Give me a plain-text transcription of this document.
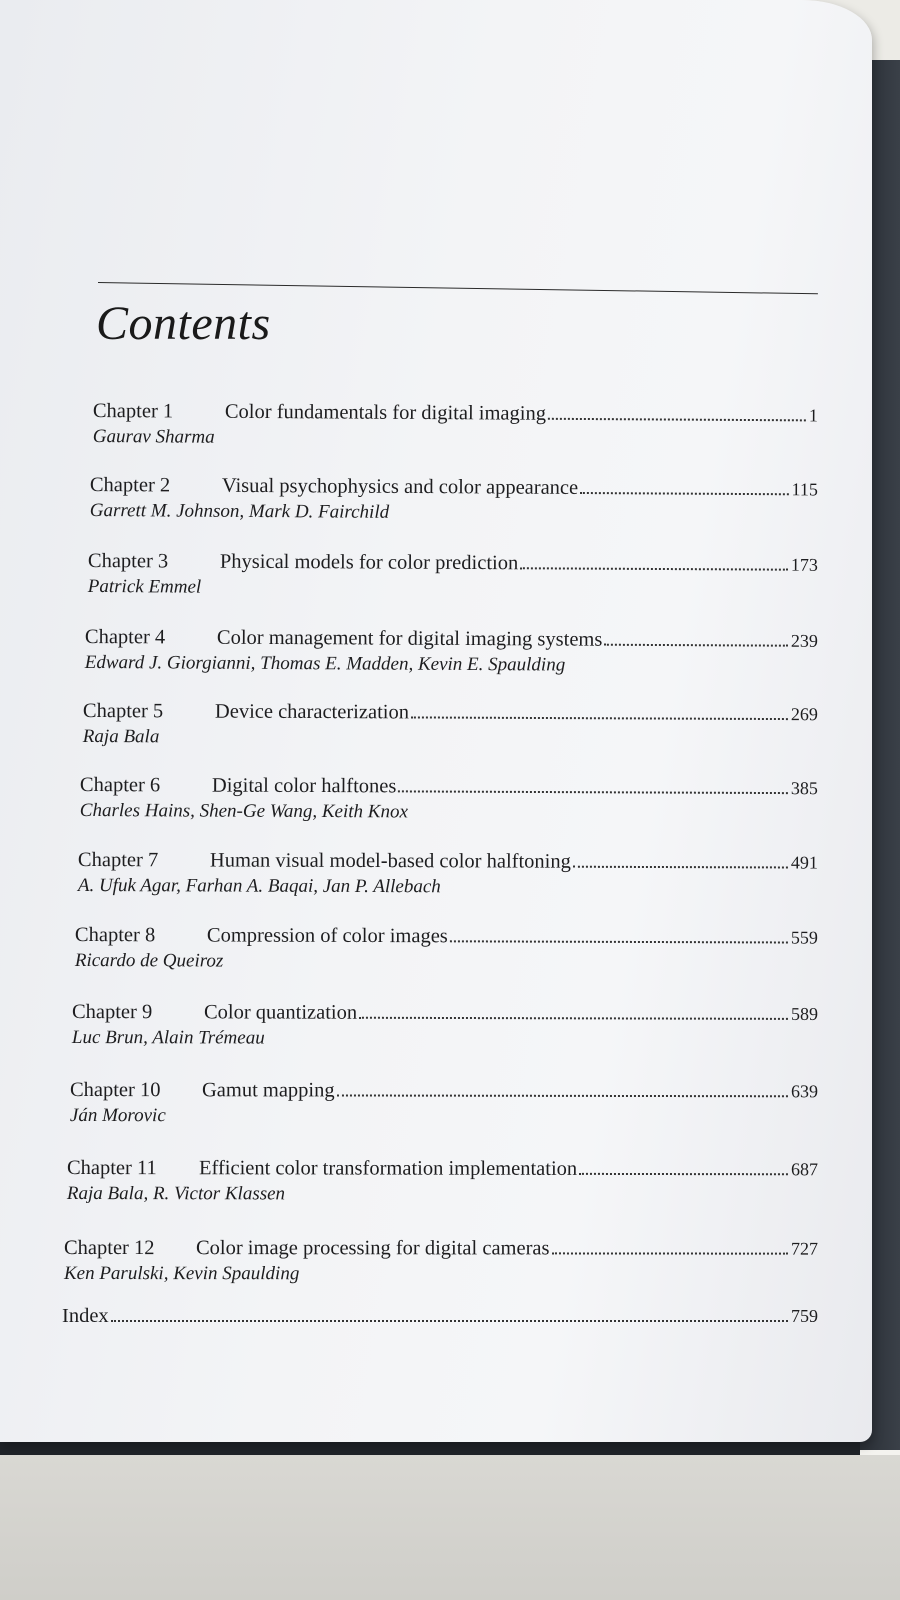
Contents
Chapter 1	Color fundamentals for digital imaging	1
Gaurav Sharma
Chapter 2	Visual psychophysics and color appearance	115
Garrett M. Johnson, Mark D. Fairchild
Chapter 3	Physical models for color prediction	173
Patrick Emmel
Chapter 4	Color management for digital imaging systems	239
Edward J. Giorgianni, Thomas E. Madden, Kevin E. Spaulding
Chapter 5	Device characterization	269
Raja Bala
Chapter 6	Digital color halftones	385
Charles Hains, Shen-Ge Wang, Keith Knox
Chapter 7	Human visual model-based color halftoning	491
A. Ufuk Agar, Farhan A. Baqai, Jan P. Allebach
Chapter 8	Compression of color images	559
Ricardo de Queiroz
Chapter 9	Color quantization	589
Luc Brun, Alain Trémeau
Chapter 10	Gamut mapping	639
Ján Morovic
Chapter 11	Efficient color transformation implementation	687
Raja Bala, R. Victor Klassen
Chapter 12	Color image processing for digital cameras	727
Ken Parulski, Kevin Spaulding
Index	759
